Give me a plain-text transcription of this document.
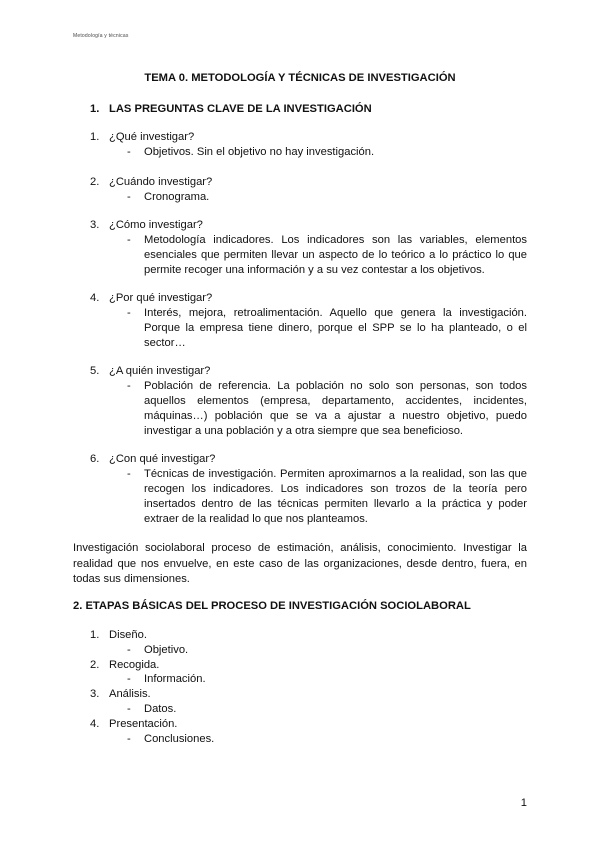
Metodología y técnicas
TEMA 0. METODOLOGÍA Y TÉCNICAS DE INVESTIGACIÓN
1. LAS PREGUNTAS CLAVE DE LA INVESTIGACIÓN
1. ¿Qué investigar?
- Objetivos. Sin el objetivo no hay investigación.
2. ¿Cuándo investigar?
- Cronograma.
3. ¿Cómo investigar?
- Metodología indicadores. Los indicadores son las variables, elementos esenciales que permiten llevar un aspecto de lo teórico a lo práctico lo que permite recoger una información y a su vez contestar a los objetivos.
4. ¿Por qué investigar?
- Interés, mejora, retroalimentación. Aquello que genera la investigación. Porque la empresa tiene dinero, porque el SPP se lo ha planteado, o el sector…
5. ¿A quién investigar?
- Población de referencia. La población no solo son personas, son todos aquellos elementos (empresa, departamento, accidentes, incidentes, máquinas…) población que se va a ajustar a nuestro objetivo, puedo investigar a una población y a otra siempre que sea beneficioso.
6. ¿Con qué investigar?
- Técnicas de investigación. Permiten aproximarnos a la realidad, son las que recogen los indicadores. Los indicadores son trozos de la teoría pero insertados dentro de las técnicas permiten llevarlo a la práctica y poder extraer de la realidad lo que nos planteamos.
Investigación sociolaboral proceso de estimación, análisis, conocimiento. Investigar la realidad que nos envuelve, en este caso de las organizaciones, desde dentro, fuera, en todas sus dimensiones.
2. ETAPAS BÁSICAS DEL PROCESO DE INVESTIGACIÓN SOCIOLABORAL
1. Diseño.
- Objetivo.
2. Recogida.
- Información.
3. Análisis.
- Datos.
4. Presentación.
- Conclusiones.
1
